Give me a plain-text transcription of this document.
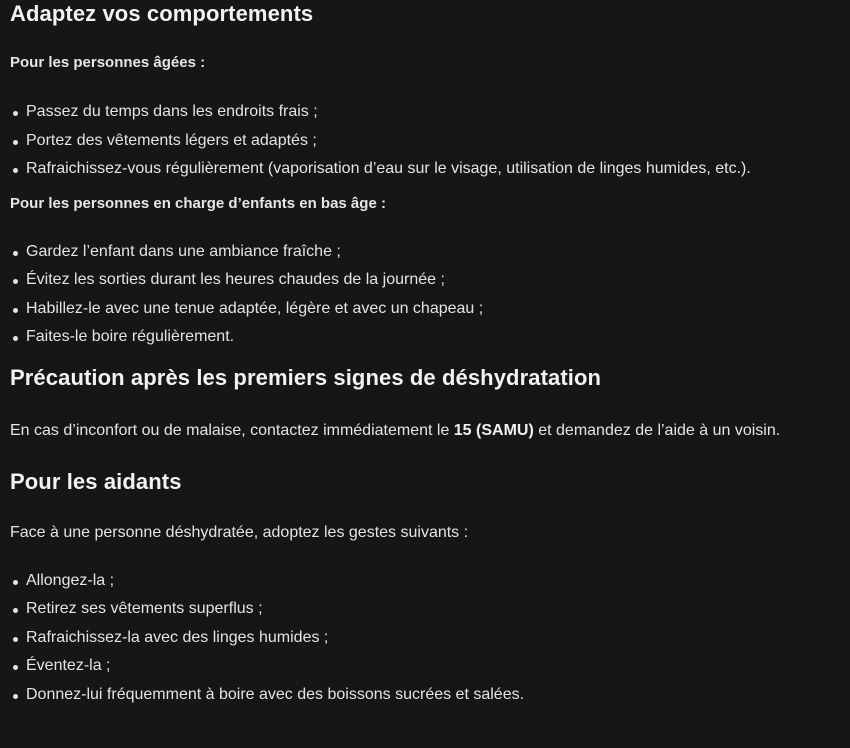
Adaptez vos comportements
Pour les personnes âgées :
Passez du temps dans les endroits frais ;
Portez des vêtements légers et adaptés ;
Rafraichissez-vous régulièrement (vaporisation d’eau sur le visage, utilisation de linges humides, etc.).
Pour les personnes en charge d’enfants en bas âge :
Gardez l’enfant dans une ambiance fraîche ;
Évitez les sorties durant les heures chaudes de la journée ;
Habillez-le avec une tenue adaptée, légère et avec un chapeau ;
Faites-le boire régulièrement.
Précaution après les premiers signes de déshydratation

En cas d’inconfort ou de malaise, contactez immédiatement le 15 (SAMU) et demandez de l’aide à un voisin.

Pour les aidants

Face à une personne déshydratée, adoptez les gestes suivants :

Allongez-la ;
Retirez ses vêtements superflus ;
Rafraichissez-la avec des linges humides ;
Éventez-la ;
Donnez-lui fréquemment à boire avec des boissons sucrées et salées.
